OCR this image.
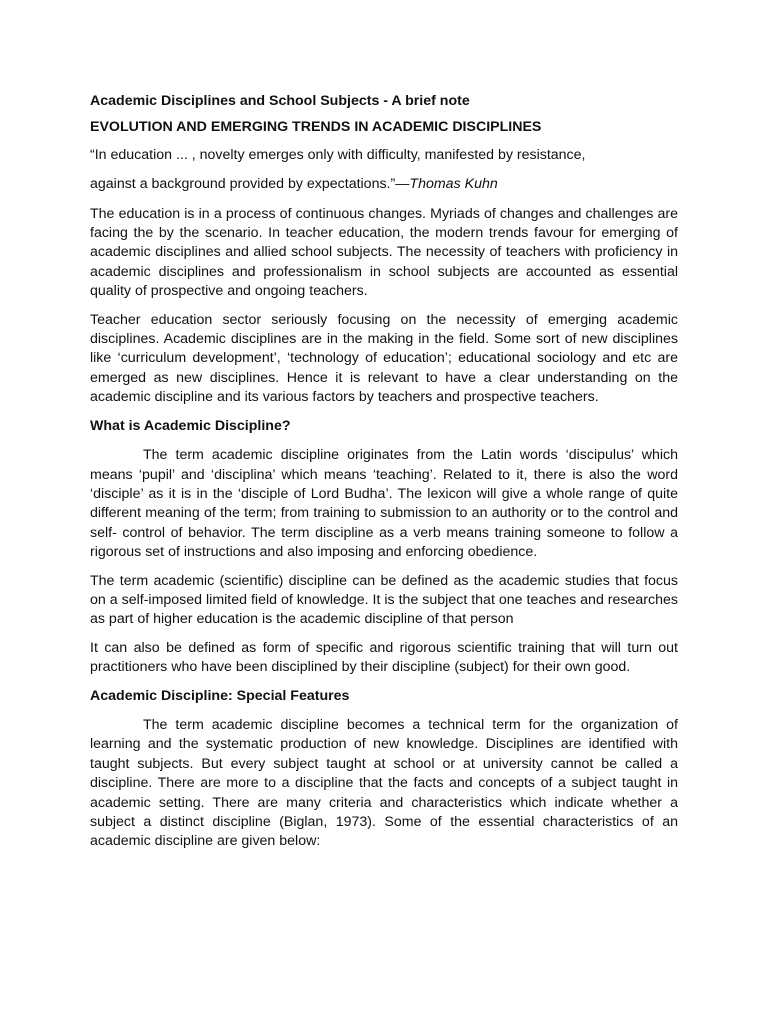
Academic Disciplines and School Subjects - A brief note

EVOLUTION AND EMERGING TRENDS IN ACADEMIC DISCIPLINES

“In education ... , novelty emerges only with difficulty, manifested by resistance,

against a background provided by expectations.”—Thomas Kuhn

The education is in a process of continuous changes. Myriads of changes and challenges are facing the by the scenario. In teacher education, the modern trends favour for emerging of academic disciplines and allied school subjects. The necessity of teachers with proficiency in academic disciplines and professionalism in school subjects are accounted as essential quality of prospective and ongoing teachers.

Teacher education sector seriously focusing on the necessity of emerging academic disciplines. Academic disciplines are in the making in the field. Some sort of new disciplines like ‘curriculum development’, ‘technology of education’; educational sociology and etc are emerged as new disciplines. Hence it is relevant to have a clear understanding on the academic discipline and its various factors by teachers and prospective teachers.

What is Academic Discipline?

The term academic discipline originates from the Latin words ‘discipulus’ which means ‘pupil’ and ‘disciplina’ which means ‘teaching’. Related to it, there is also the word ‘disciple’ as it is in the ‘disciple of Lord Budha’. The lexicon will give a whole range of quite different meaning of the term; from training to submission to an authority or to the control and self- control of behavior. The term discipline as a verb means training someone to follow a rigorous set of instructions and also imposing and enforcing obedience.

The term academic (scientific) discipline can be defined as the academic studies that focus on a self-imposed limited field of knowledge. It is the subject that one teaches and researches as part of higher education is the academic discipline of that person

It can also be defined as form of specific and rigorous scientific training that will turn out practitioners who have been disciplined by their discipline (subject) for their own good.

Academic Discipline: Special Features

The term academic discipline becomes a technical term for the organization of learning and the systematic production of new knowledge. Disciplines are identified with taught subjects. But every subject taught at school or at university cannot be called a discipline. There are more to a discipline that the facts and concepts of a subject taught in academic setting. There are many criteria and characteristics which indicate whether a subject a distinct discipline (Biglan, 1973). Some of the essential characteristics of an academic discipline are given below:
